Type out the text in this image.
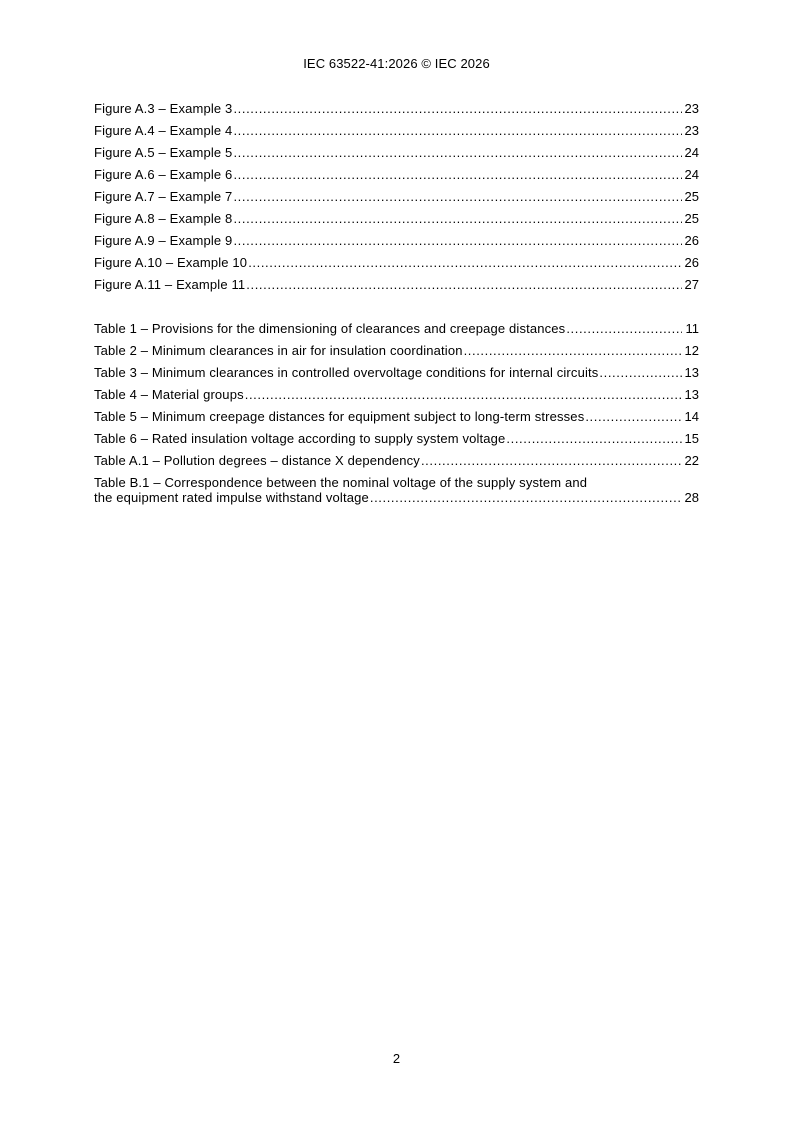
IEC 63522-41:2026 © IEC 2026
Figure A.3 – Example 3 .....	23
Figure A.4 – Example 4 .....	23
Figure A.5 – Example 5 .....	24
Figure A.6 – Example 6 .....	24
Figure A.7 – Example 7 .....	25
Figure A.8 – Example 8 .....	25
Figure A.9 – Example 9 .....	26
Figure A.10 – Example 10 .....	26
Figure A.11 – Example 11 .....	27
Table 1 – Provisions for the dimensioning of clearances and creepage distances .....	11
Table 2 – Minimum clearances in air for insulation coordination .....	12
Table 3 – Minimum clearances in controlled overvoltage conditions for internal circuits .....	13
Table 4 – Material groups .....	13
Table 5 – Minimum creepage distances for equipment subject to long-term stresses .....	14
Table 6 – Rated insulation voltage according to supply system voltage .....	15
Table A.1 – Pollution degrees – distance X dependency .....	22
Table B.1 – Correspondence between the nominal voltage of the supply system and
the equipment rated impulse withstand voltage .....	28
2
